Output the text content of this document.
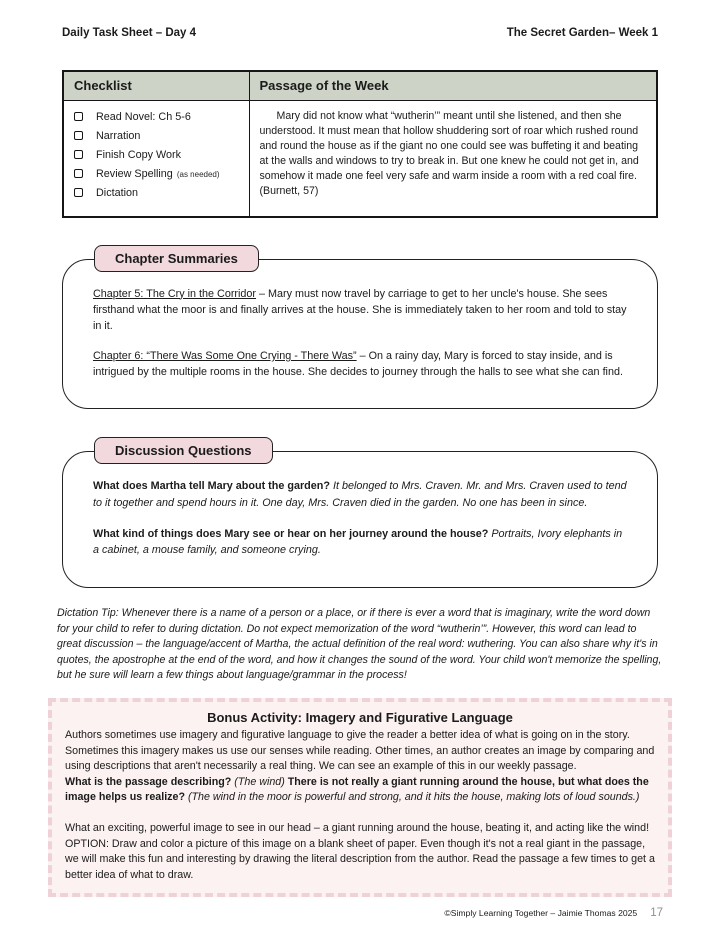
Daily Task Sheet – Day 4	The Secret Garden– Week 1
Checklist	Passage of the Week

Read Novel: Ch 5-6
Narration
Finish Copy Work
Review Spelling (as needed)
Dictation

Mary did not know what “wutherin’” meant until she listened, and then she understood. It must mean that hollow shuddering sort of roar which rushed round and round the house as if the giant no one could see was buffeting it and beating at the walls and windows to try to break in. But one knew he could not get in, and somehow it made one feel very safe and warm inside a room with a red coal fire.
(Burnett, 57)
Chapter Summaries

Chapter 5: The Cry in the Corridor – Mary must now travel by carriage to get to her uncle's house. She sees firsthand what the moor is and finally arrives at the house. She is immediately taken to her room and told to stay in it.

Chapter 6: “There Was Some One Crying - There Was” – On a rainy day, Mary is forced to stay inside, and is intrigued by the multiple rooms in the house. She decides to journey through the halls to see what she can find.

Discussion Questions

What does Martha tell Mary about the garden? It belonged to Mrs. Craven. Mr. and Mrs. Craven used to tend to it together and spend hours in it. One day, Mrs. Craven died in the garden. No one has been in since.

What kind of things does Mary see or hear on her journey around the house? Portraits, Ivory elephants in a cabinet, a mouse family, and someone crying.

Dictation Tip: Whenever there is a name of a person or a place, or if there is ever a word that is imaginary, write the word down for your child to refer to during dictation. Do not expect memorization of the word “wutherin’”. However, this word can lead to great discussion – the language/accent of Martha, the actual definition of the real word: wuthering. You can also share why it's in quotes, the apostrophe at the end of the word, and how it changes the sound of the word. Your child won't memorize the spelling, but he sure will learn a few things about language/grammar in the process!

Bonus Activity: Imagery and Figurative Language
Authors sometimes use imagery and figurative language to give the reader a better idea of what is going on in the story. Sometimes this imagery makes us use our senses while reading. Other times, an author creates an image by comparing and using descriptions that aren't necessarily a real thing. We can see an example of this in our weekly passage.
What is the passage describing? (The wind) There is not really a giant running around the house, but what does the image helps us realize? (The wind in the moor is powerful and strong, and it hits the house, making lots of loud sounds.)
What an exciting, powerful image to see in our head – a giant running around the house, beating it, and acting like the wind! OPTION: Draw and color a picture of this image on a blank sheet of paper. Even though it's not a real giant in the passage, we will make this fun and interesting by drawing the literal description from the author. Read the passage a few times to get a better idea of what to draw.
©Simply Learning Together – Jaimie Thomas 2025 17
